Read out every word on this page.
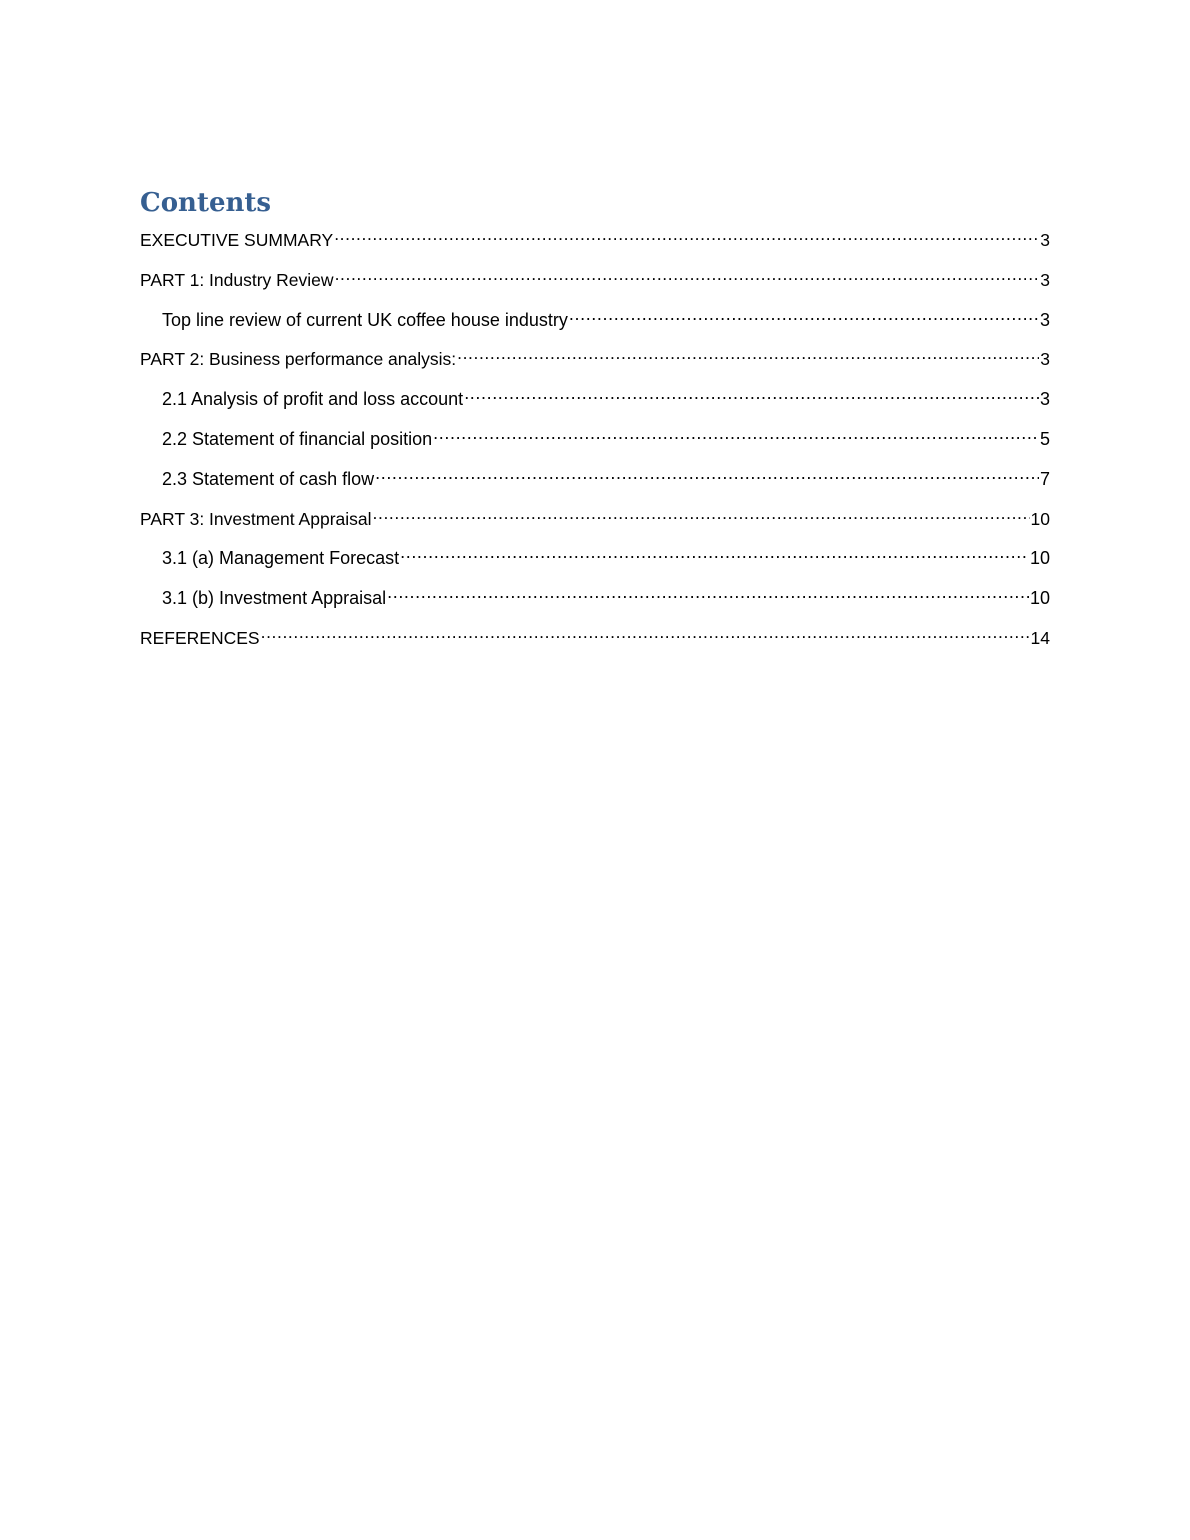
Contents
EXECUTIVE SUMMARY .....	3
PART 1: Industry Review .....	3
Top line review of current UK coffee house industry .....	3
PART 2: Business performance analysis: .....	3
2.1 Analysis of profit and loss account .....	3
2.2 Statement of financial position .....	5
2.3 Statement of cash flow .....	7
PART 3: Investment Appraisal .....	10
3.1 (a) Management Forecast .....	10
3.1 (b) Investment Appraisal .....	10
REFERENCES .....	14
